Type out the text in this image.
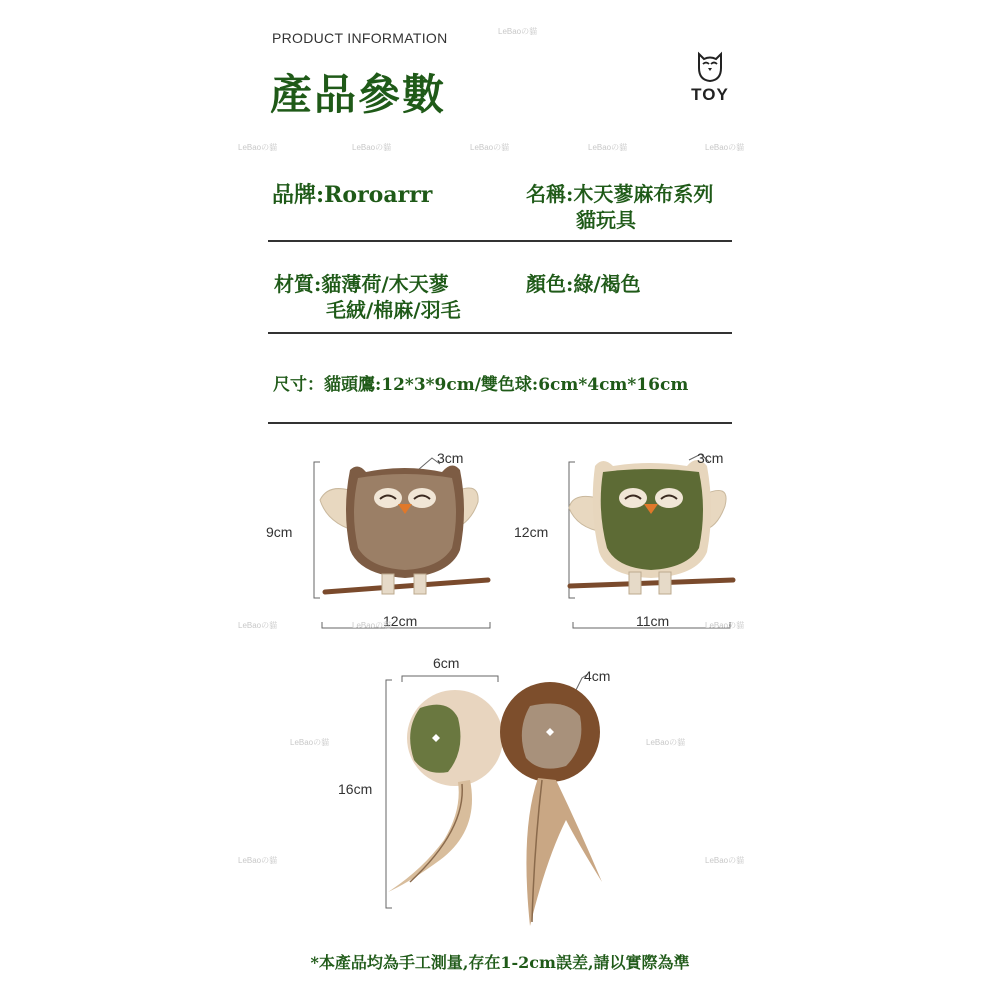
PRODUCT INFORMATION
產品參數	TOY
品牌:Roroarrr	名稱:木天蓼麻布系列
貓玩具
材質:貓薄荷/木天蓼
毛絨/棉麻/羽毛
顏色:綠/褐色
尺寸：貓頭鷹:12*3*9cm/雙色球:6cm*4cm*16cm
3cm
9cm
12cm
3cm
12cm
11cm
6cm
4cm
16cm
LeBaoの貓
LeBaoの貓	LeBaoの貓	LeBaoの貓	LeBaoの貓	LeBaoの貓
LeBaoの貓	LeBaoの貓	LeBaoの貓
LeBaoの貓	LeBaoの貓
LeBaoの貓	LeBaoの貓
*本產品均為手工測量,存在1-2cm誤差,請以實際為準
